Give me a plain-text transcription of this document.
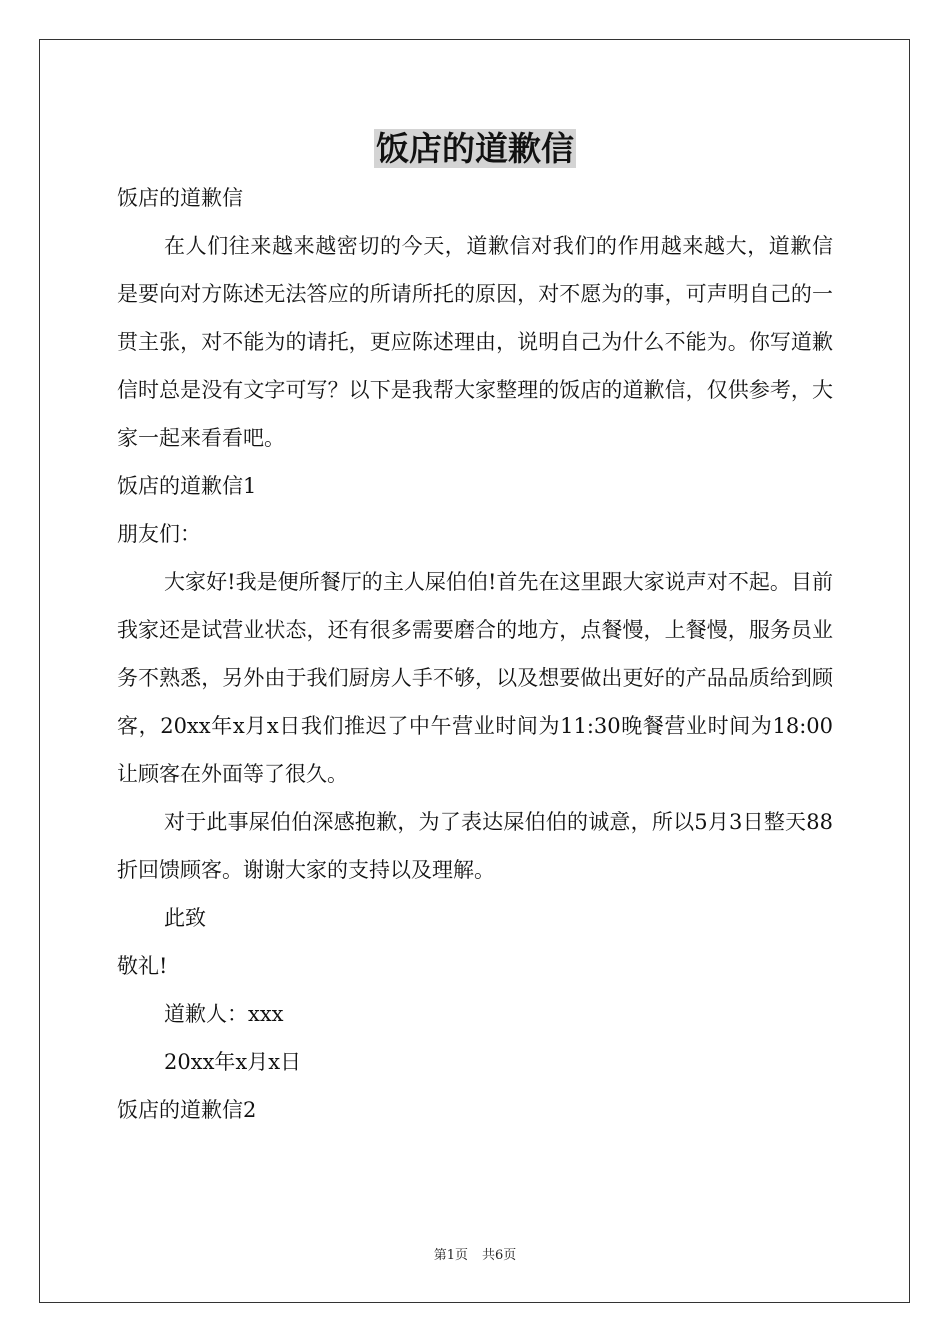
饭店的道歉信

饭店的道歉信

在人们往来越来越密切的今天，道歉信对我们的作用越来越大，道歉信是要向对方陈述无法答应的所请所托的原因，对不愿为的事，可声明自己的一贯主张，对不能为的请托，更应陈述理由，说明自己为什么不能为。你写道歉信时总是没有文字可写？以下是我帮大家整理的饭店的道歉信，仅供参考，大家一起来看看吧。

饭店的道歉信1

朋友们：

大家好!我是便所餐厅的主人屎伯伯!首先在这里跟大家说声对不起。目前我家还是试营业状态，还有很多需要磨合的地方，点餐慢，上餐慢，服务员业务不熟悉，另外由于我们厨房人手不够，以及想要做出更好的产品品质给到顾客，20xx年x月x日我们推迟了中午营业时间为11:30晚餐营业时间为18:00让顾客在外面等了很久。

对于此事屎伯伯深感抱歉，为了表达屎伯伯的诚意，所以5月3日整天88折回馈顾客。谢谢大家的支持以及理解。

此致

敬礼!

道歉人：xxx

20xx年x月x日

饭店的道歉信2

第1页 共6页
